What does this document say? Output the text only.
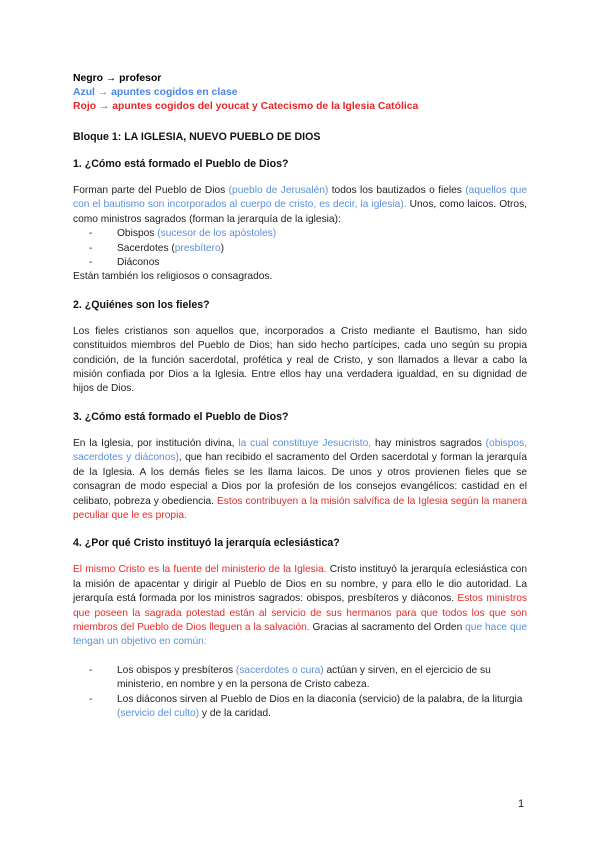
Negro → profesor
Azul → apuntes cogidos en clase
Rojo → apuntes cogidos del youcat y Catecismo de la Iglesia Católica
Bloque 1: LA IGLESIA, NUEVO PUEBLO DE DIOS
1. ¿Cómo está formado el Pueblo de Dios?

Forman parte del Pueblo de Dios (pueblo de Jerusalén) todos los bautizados o fieles (aquellos que con el bautismo son incorporados al cuerpo de cristo, es decir, la iglesia). Unos, como laicos. Otros, como ministros sagrados (forman la jerarquía de la iglesia):

- Obispos (sucesor de los apóstoles)
- Sacerdotes (presbítero)
- Diáconos

Están también los religiosos o consagrados.

2. ¿Quiénes son los fieles?

Los fieles cristianos son aquellos que, incorporados a Cristo mediante el Bautismo, han sido constituidos miembros del Pueblo de Dios; han sido hecho partícipes, cada uno según su propia condición, de la función sacerdotal, profética y real de Cristo, y son llamados a llevar a cabo la misión confiada por Dios a la Iglesia. Entre ellos hay una verdadera igualdad, en su dignidad de hijos de Dios.

3. ¿Cómo está formado el Pueblo de Dios?

En la Iglesia, por institución divina, la cual constituye Jesucristo, hay ministros sagrados (obispos, sacerdotes y diáconos), que han recibido el sacramento del Orden sacerdotal y forman la jerarquía de la Iglesia. A los demás fieles se les llama laicos. De unos y otros provienen fieles que se consagran de modo especial a Dios por la profesión de los consejos evangélicos: castidad en el celibato, pobreza y obediencia. Estos contribuyen a la misión salvífica de la Iglesia según la manera peculiar que le es propia.

4. ¿Por qué Cristo instituyó la jerarquía eclesiástica?

El mismo Cristo es la fuente del ministerio de la Iglesia. Cristo instituyó la jerarquía eclesiástica con la misión de apacentar y dirigir al Pueblo de Dios en su nombre, y para ello le dio autoridad. La jerarquía está formada por los ministros sagrados: obispos, presbíteros y diáconos. Estos ministros que poseen la sagrada potestad están al servicio de sus hermanos para que todos los que son miembros del Pueblo de Dios lleguen a la salvación. Gracias al sacramento del Orden que hace que tengan un objetivo en común:

- Los obispos y presbíteros (sacerdotes o cura) actúan y sirven, en el ejercicio de su ministerio, en nombre y en la persona de Cristo cabeza.
- Los diáconos sirven al Pueblo de Dios en la diaconía (servicio) de la palabra, de la liturgia (servicio del culto) y de la caridad.
1
